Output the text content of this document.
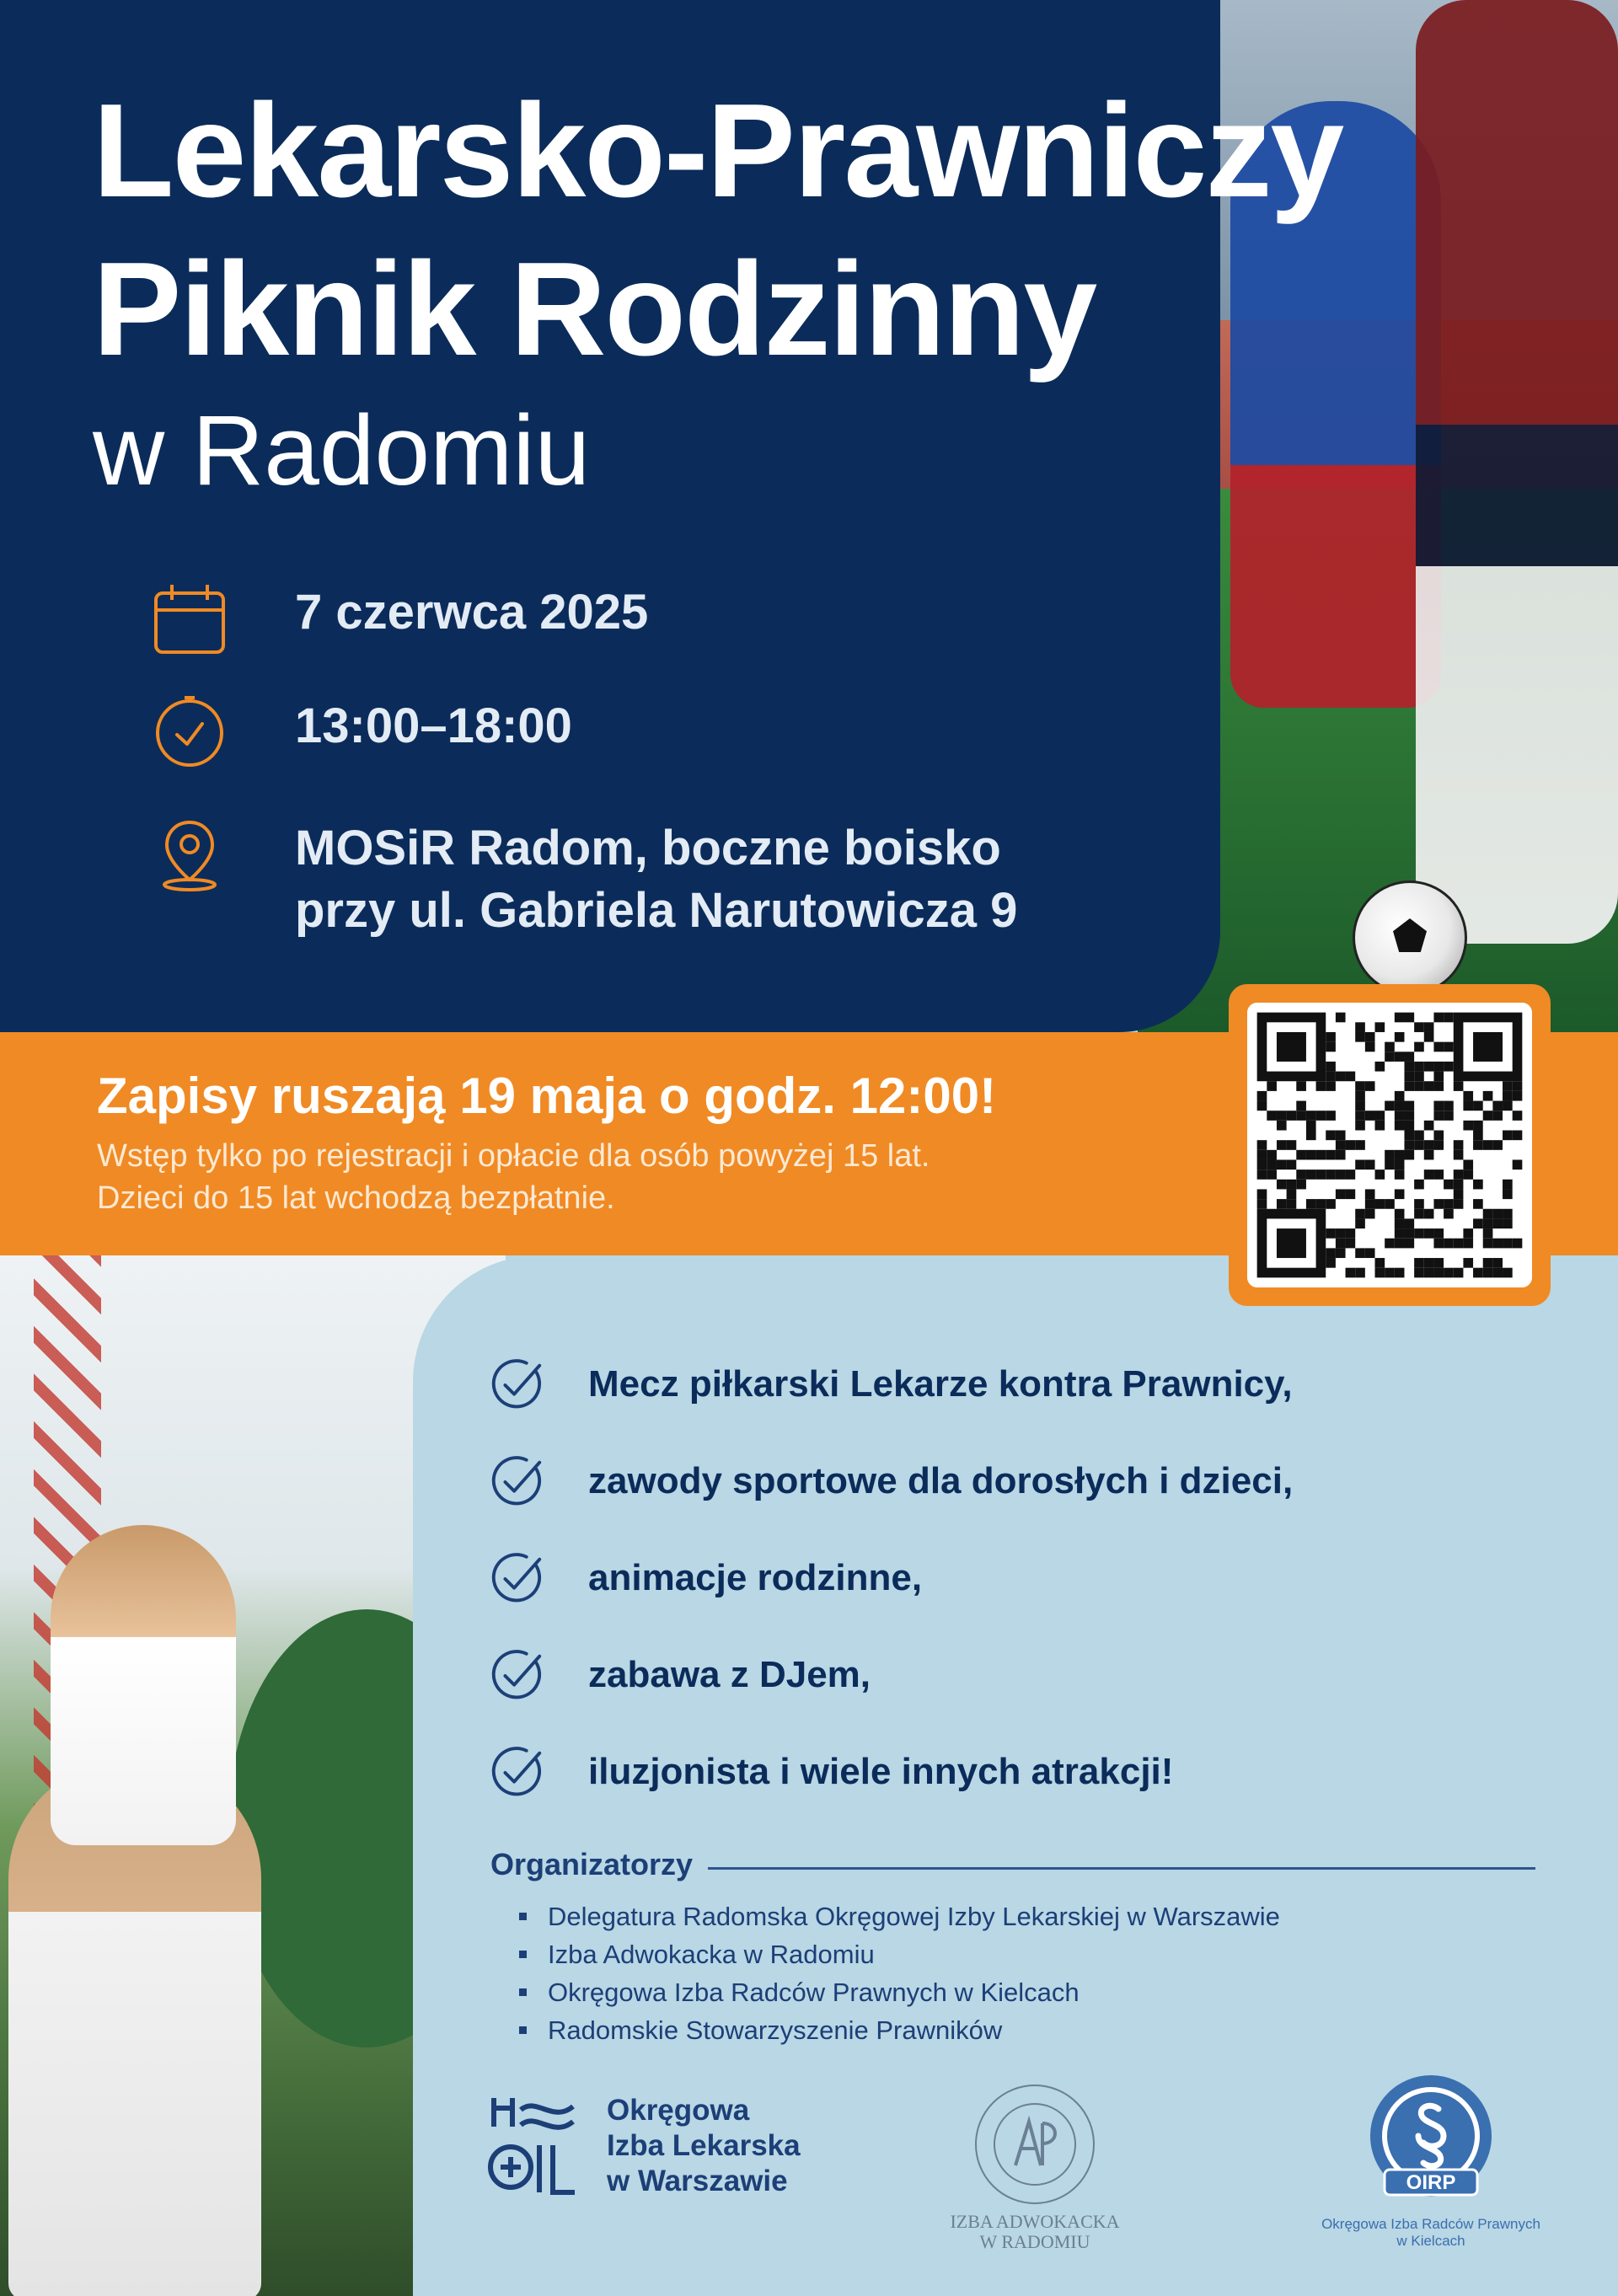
Lekarsko-Prawniczy
Piknik Rodzinny
w Radomiu
7 czerwca 2025
13:00–18:00
MOSiR Radom, boczne boisko
przy ul. Gabriela Narutowicza 9
Zapisy ruszają 19 maja o godz. 12:00!
Wstęp tylko po rejestracji i opłacie dla osób powyżej 15 lat.
Dzieci do 15 lat wchodzą bezpłatnie.
Mecz piłkarski Lekarze kontra Prawnicy,
zawody sportowe dla dorosłych i dzieci,
animacje rodzinne,
zabawa z DJem,
iluzjonista i wiele innych atrakcji!
Organizatorzy
Delegatura Radomska Okręgowej Izby Lekarskiej w Warszawie
Izba Adwokacka w Radomiu
Okręgowa Izba Radców Prawnych w Kielcach
Radomskie Stowarzyszenie Prawników
Okręgowa
Izba Lekarska
w Warszawie
IZBA ADWOKACKA
W RADOMIU
OIRP
Okręgowa Izba Radców Prawnych
w Kielcach
